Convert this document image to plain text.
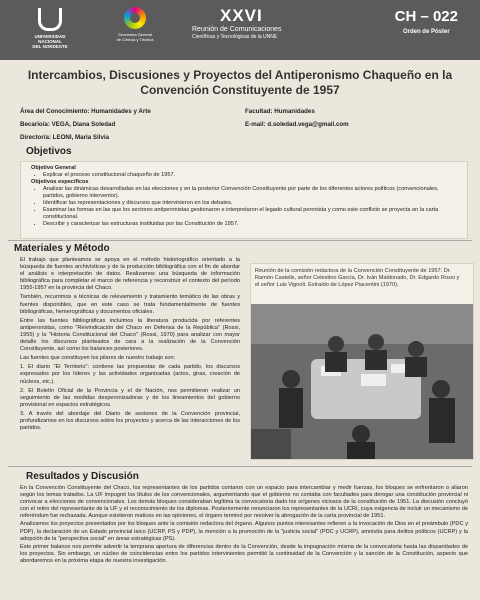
UNIVERSIDAD
NACIONAL
DEL NORDESTE
Secretaría General
de Ciencia y Técnica
XXVI
Reunión de Comunicaciones
Científicas y Tecnológicas de la UNNE
CH – 022
Orden de Póster
Intercambios, Discusiones y Proyectos del Antiperonismo Chaqueño en la Convención Constituyente de 1957
Área del Conocimiento: Humanidades y Arte
Becario/a: VEGA, Diana Soledad
Director/a: LEONI, María Silvia
Facultad: Humanidades
E-mail: d.soledad.vega@gmail.com
Objetivos
Objetivo General
• Explicar el proceso constitucional chaqueño de 1957.
Objetivos específicos
• Analizar las dinámicas desarrolladas en las elecciones y en la posterior Convención Constituyente por parte de los diferentes actores políticos (convencionales, partidos, gobierno interventor).
• Identificar las representaciones y discursos que intervinieron en los debates.
• Examinar las formas en las que los sectores antiperonistas gestionaron e interpretaron el legado cultural peronista y como este conflicto se proyecta en la carta constitucional.
• Describir y caracterizar las estructuras instituidas por las Constitución de 1957.
Materiales y Método

El trabajo que planteamos se apoya en el método historiográfico orientado a la búsqueda de fuentes archivísticas y de la producción bibliográfica con el fin de abordar el análisis e interpretación de datos. Realizamos una búsqueda de información bibliográfica para completar el marco de referencia y reconstruir el contexto del período 1955-1957 en la provincia del Chaco.

También, recurrimos a técnicas de relevamiento y tratamiento temático de las obras y fuentes disponibles, que en este caso se trata fundamentalmente de fuentes bibliográficas, hemerográficas y documentos oficiales.

Entre las fuentes bibliográficas incluimos la literatura producida por referentes antiperonistas, como "Reivindicación del Chaco en Defensa de la República" (Rossi, 1955) y la "Historia Constitucional del Chaco" (Rossi, 1970) para analizar con mayor detalle los discursos planteados de cara a la realización de la Convención Constituyente, así como los balances posteriores.

Las fuentes que constituyen los pilares de nuestro trabajo son:

1. El diario "El Territorio": contiene las propuestas de cada partido, los discursos expresados por los líderes y las actividades organizadas (actos, giras, creación de núcleos, etc.).

2. El Boletín Oficial de la Provincia y el de Nación, nos permitieron realizar un seguimiento de las medidas desperonizadoras y de los lineamientos del gobierno provisional en espacios estratégicos.

3. A través del abordaje del Diario de sesiones de la Convención provincial, profundizamos en los discursos sobre los proyectos y acerca de las interacciones de los partidos.

Reunión de la comisión redactora de la Convención Constituyente de 1957: Dr. Ramón Castells, señor Celestino García, Dr. Iván Maldonado, Dr. Edgardo Rossi y el señor Luis Vignoli. Extraído de López Piacentini (1970).
Resultados y Discusión

En la Convención Constituyente del Chaco, los representantes de los partidos contaron con un espacio para intercambiar y medir fuerzas, los bloques se enfrentaron o aliaron según los temas tratados. La UF impugnó los títulos de los convencionales, argumentando que el gobierno no contaba con facultades para derogar una constitución provincial ni convocar a elecciones de convencionales. Los demás bloques consideraban legítima la convocatoria dado los orígenes viciosos de la constitución de 1951. La discusión concluyó con el retiro del representante de la UF y el reconocimiento de los diplomas. Posteriormente renunciaron los representantes de la UCRI, cuya exigencia de incluir un mecanismo de referéndum fue rechazada. Aunque existieron matices en las opiniones, el órgano terminó por resolver la abrogación de la carta provincial de 1951.

Analizamos los proyectos presentados por los bloques ante la comisión redactora del órgano. Algunos puntos interesantes refieren a la invocación de Dios en el preámbulo (PDC y PDP), la declaración de un Estado provincial laico (UCRP, PS y PDP), la mención a la promoción de la "justicia social" (PDC y UCRP), amnistía para delitos políticos (UCRP) y la adopción de la "perspectiva social" en áreas estratégicas (PS).

Este primer balance nos permite advertir la temprana apertura de diferencias dentro de la Convención, desde la impugnación misma de la convocatoria hasta las disparidades de los proyectos. Sin embargo, un núcleo de coincidencias entre los partidos intervinientes permitió la continuidad de la Convención y la sanción de la Constitución, aspecto que abordaremos en la próxima etapa de nuestra investigación.
